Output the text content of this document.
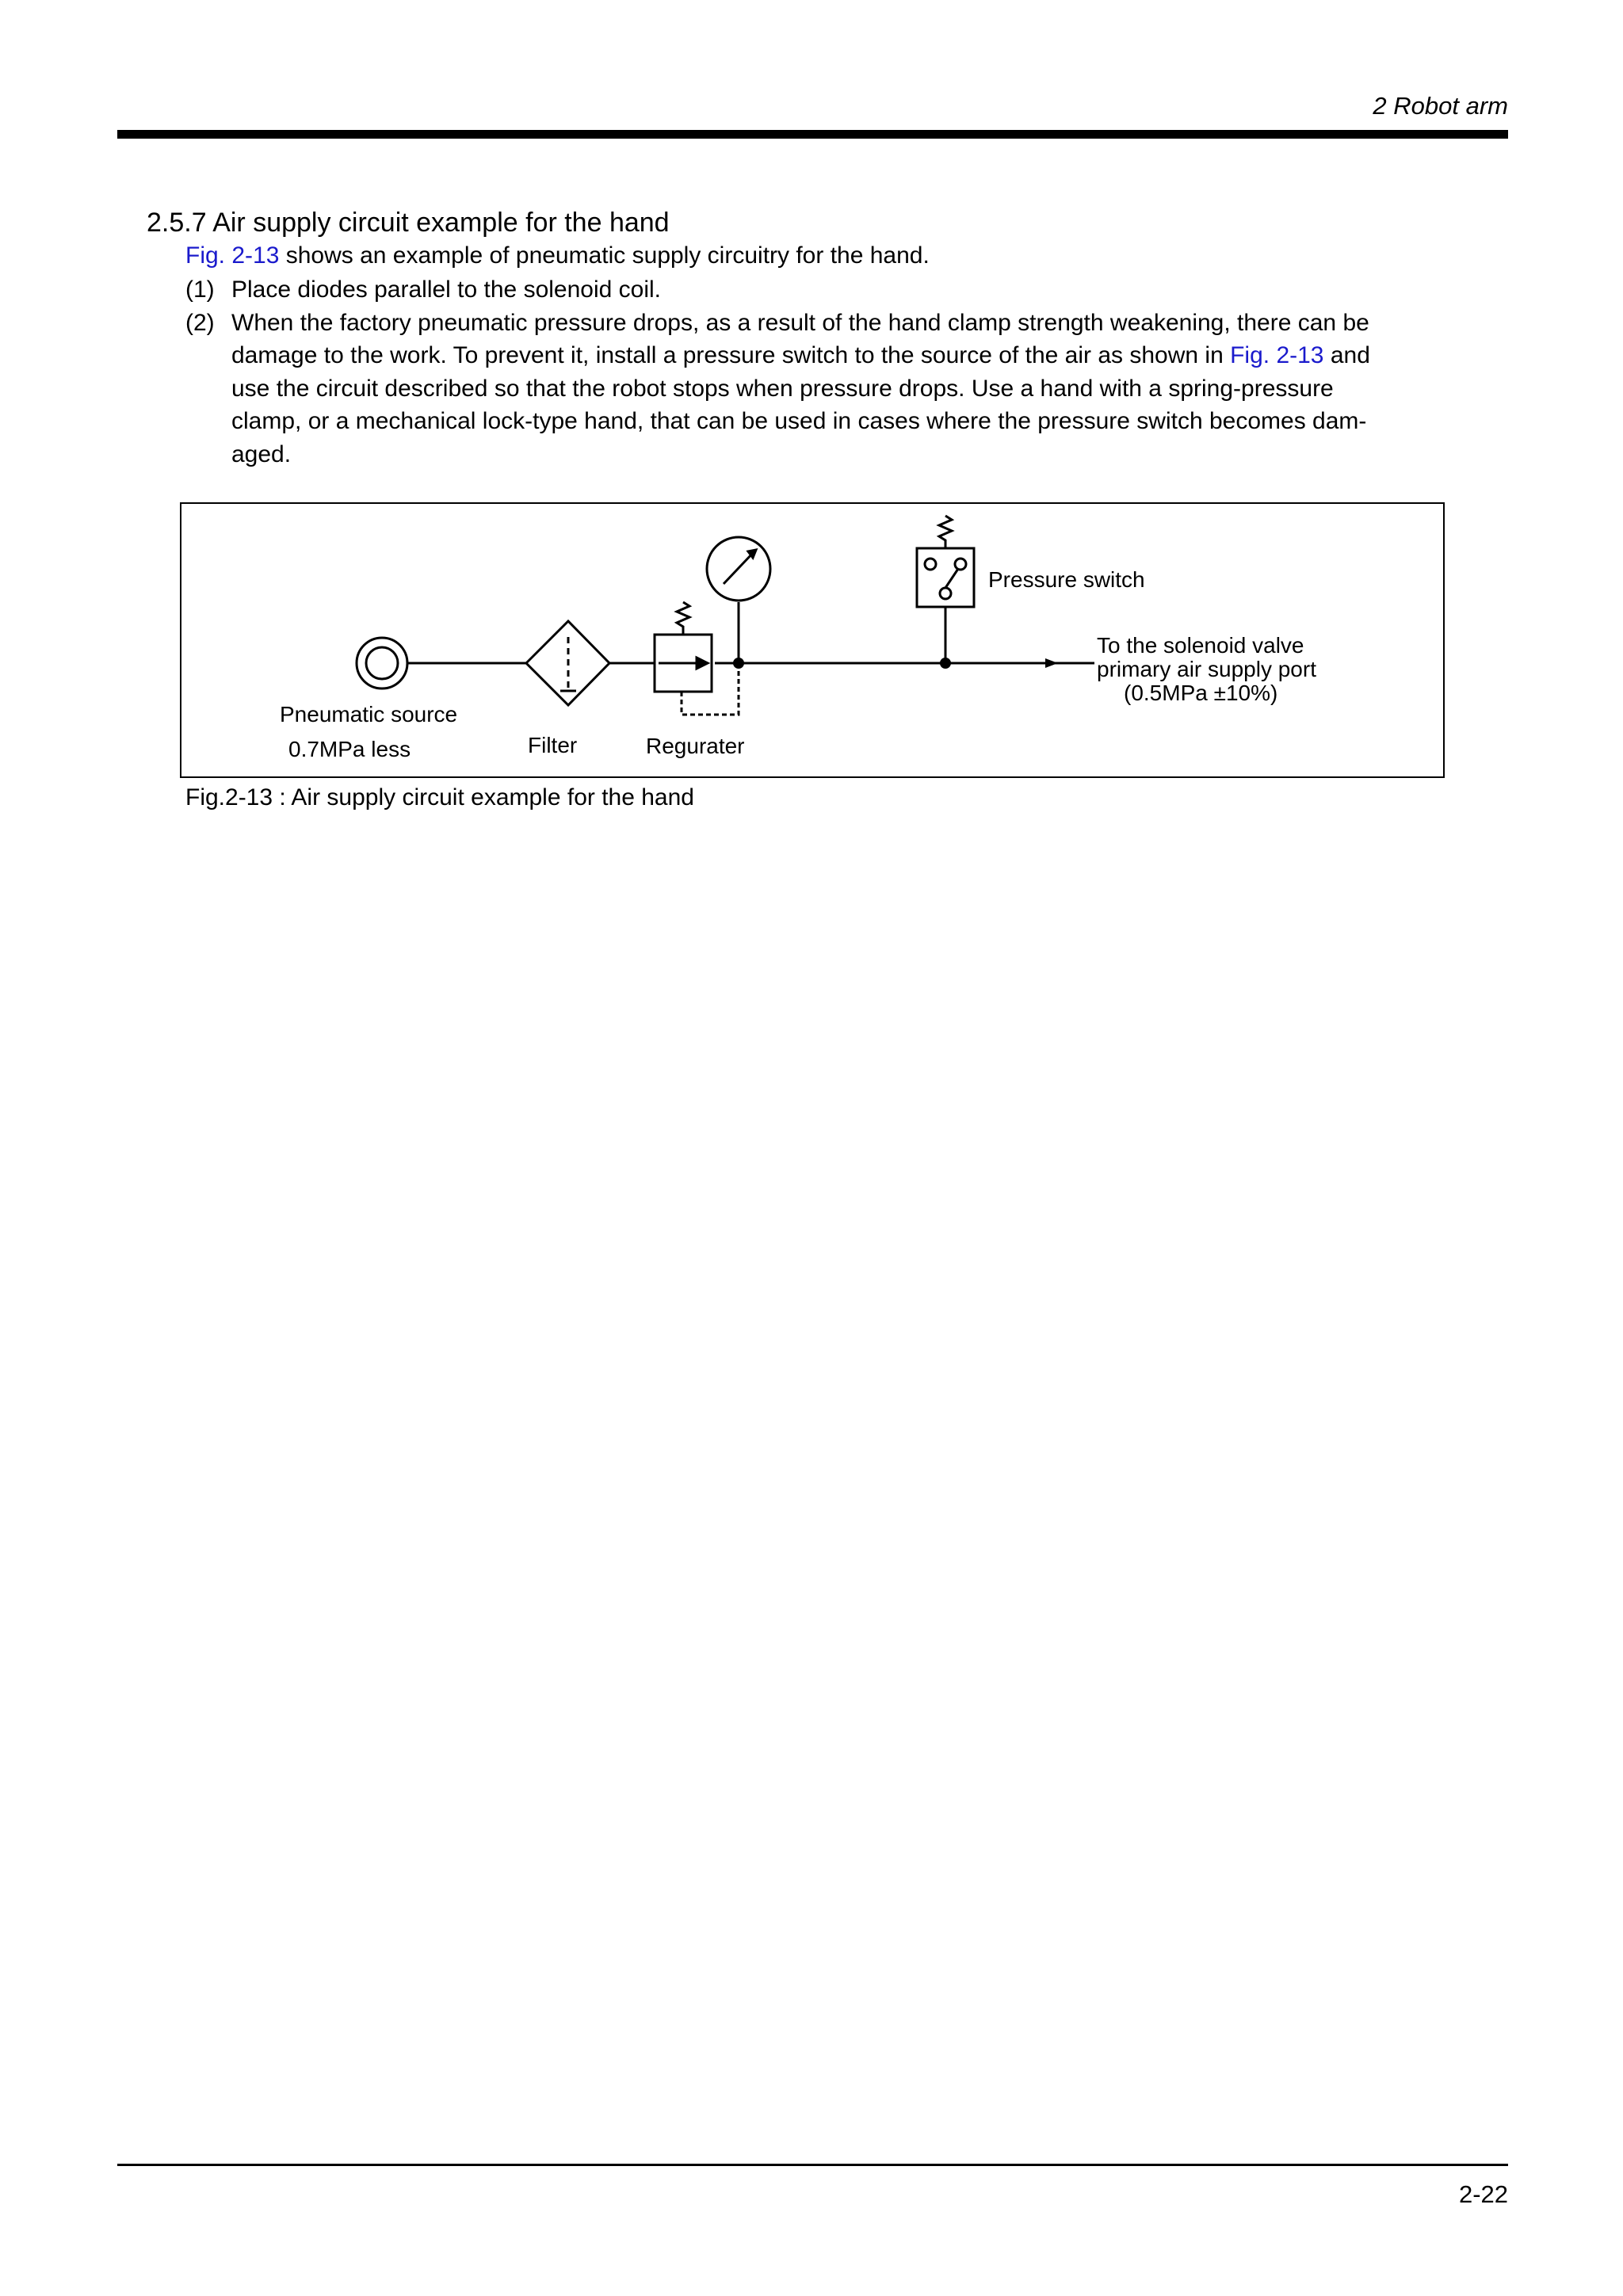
2 Robot arm
2.5.7 Air supply circuit example for the hand
Fig. 2-13 shows an example of pneumatic supply circuitry for the hand.
(1) Place diodes parallel to the solenoid coil.
(2) When the factory pneumatic pressure drops, as a result of the hand clamp strength weakening, there can be
damage to the work. To prevent it, install a pressure switch to the source of the air as shown in Fig. 2-13 and
use the circuit described so that the robot stops when pressure drops. Use a hand with a spring-pressure
clamp, or a mechanical lock-type hand, that can be used in cases where the pressure switch becomes dam-
aged.
Pressure switch
To the solenoid valve
primary air supply port
(0.5MPa ±10%)
Pneumatic source
0.7MPa less	Filter	Regurater
Fig.2-13 : Air supply circuit example for the hand
2-22
